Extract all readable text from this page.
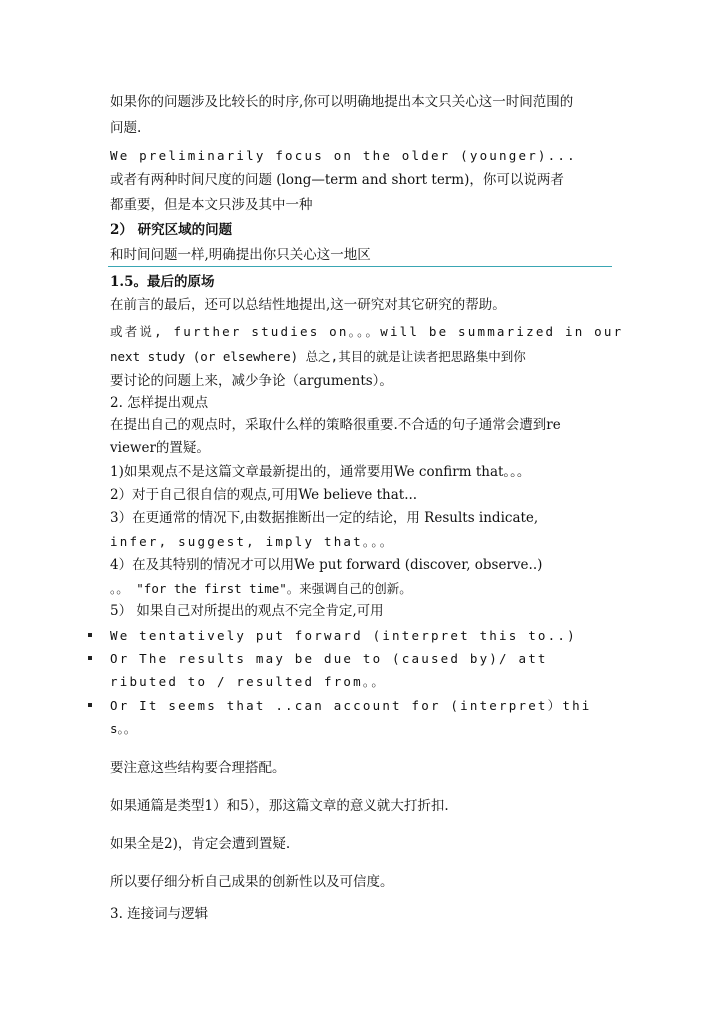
如果你的问题涉及比较长的时序,你可以明确地提出本文只关心这一时间范围的
问题.
We preliminarily focus on the older (younger)...
或者有两种时间尺度的问题 (long—term and short term)，你可以说两者
都重要，但是本文只涉及其中一种
2） 研究区域的问题
和时间问题一样,明确提出你只关心这一地区
1.5。最后的原场
在前言的最后，还可以总结性地提出,这一研究对其它研究的帮助。
或者说, further studies on。。。will be summarized in our
next study (or elsewhere) 总之,其目的就是让读者把思路集中到你
要讨论的问题上来，减少争论（arguments）。
2. 怎样提出观点
在提出自己的观点时，采取什么样的策略很重要.不合适的句子通常会遭到re
viewer的置疑。
1)如果观点不是这篇文章最新提出的，通常要用We confirm that。。。
2）对于自己很自信的观点,可用We believe that...
3）在更通常的情况下,由数据推断出一定的结论，用 Results indicate,
infer, suggest, imply that。。。
4）在及其特别的情况才可以用We put forward (discover, observe..)
。。 "for the first time"。来强调自己的创新。
5） 如果自己对所提出的观点不完全肯定,可用
We tentatively put forward (interpret this to..)
Or The results may be due to (caused by)/ att
ributed to / resulted from。。
Or It seems that ..can account for (interpret）thi
s。。
要注意这些结构要合理搭配。
如果通篇是类型1）和5），那这篇文章的意义就大打折扣.
如果全是2)，肯定会遭到置疑.
所以要仔细分析自己成果的创新性以及可信度。
3. 连接词与逻辑
